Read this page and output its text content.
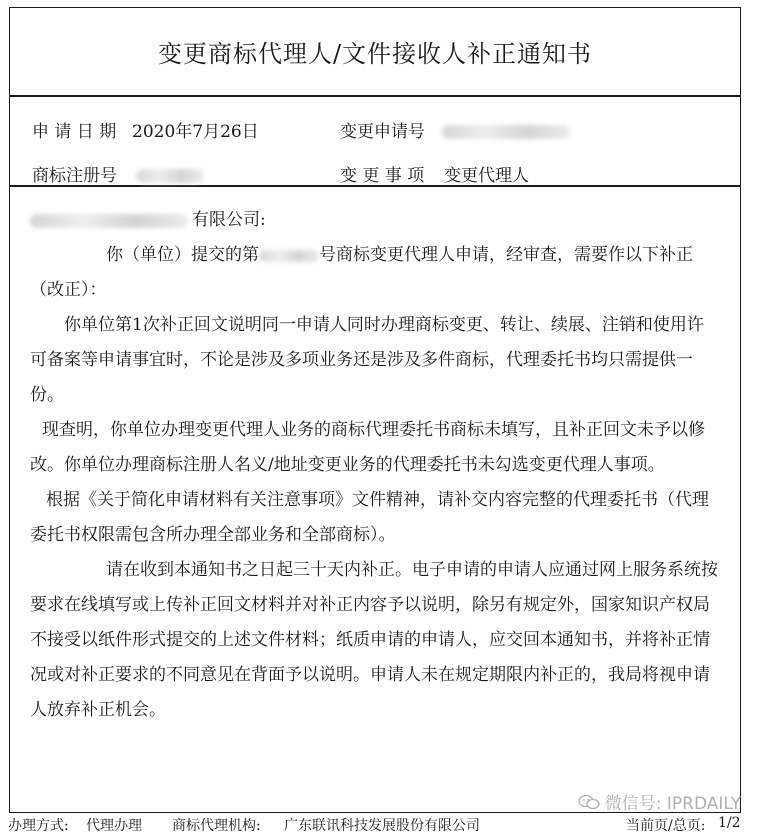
变更商标代理人/文件接收人补正通知书
申 请 日 期 2020年7月26日	变更申请号
商标注册号	变 更 事 项 变更代理人

有限公司:

你（单位）提交的第	号商标变更代理人申请，经审查，需要作以下补正（改正）：

你单位第1次补正回文说明同一申请人同时办理商标变更、转让、续展、注销和使用许可备案等申请事宜时，不论是涉及多项业务还是涉及多件商标，代理委托书均只需提供一份。

现查明，你单位办理变更代理人业务的商标代理委托书商标未填写，且补正回文未予以修改。你单位办理商标注册人名义/地址变更业务的代理委托书未勾选变更代理人事项。

根据《关于简化申请材料有关注意事项》文件精神，请补交内容完整的代理委托书（代理委托书权限需包含所办理全部业务和全部商标）。

请在收到本通知书之日起三十天内补正。电子申请的申请人应通过网上服务系统按要求在线填写或上传补正回文材料并对补正内容予以说明，除另有规定外，国家知识产权局不接受以纸件形式提交的上述文件材料；纸质申请的申请人，应交回本通知书，并将补正情况或对补正要求的不同意见在背面予以说明。申请人未在规定期限内补正的，我局将视申请人放弃补正机会。

微信号: IPRDAILY
办理方式: 代理办理 商标代理机构: 广东联讯科技发展股份有限公司	当前页/总页: 1/2
